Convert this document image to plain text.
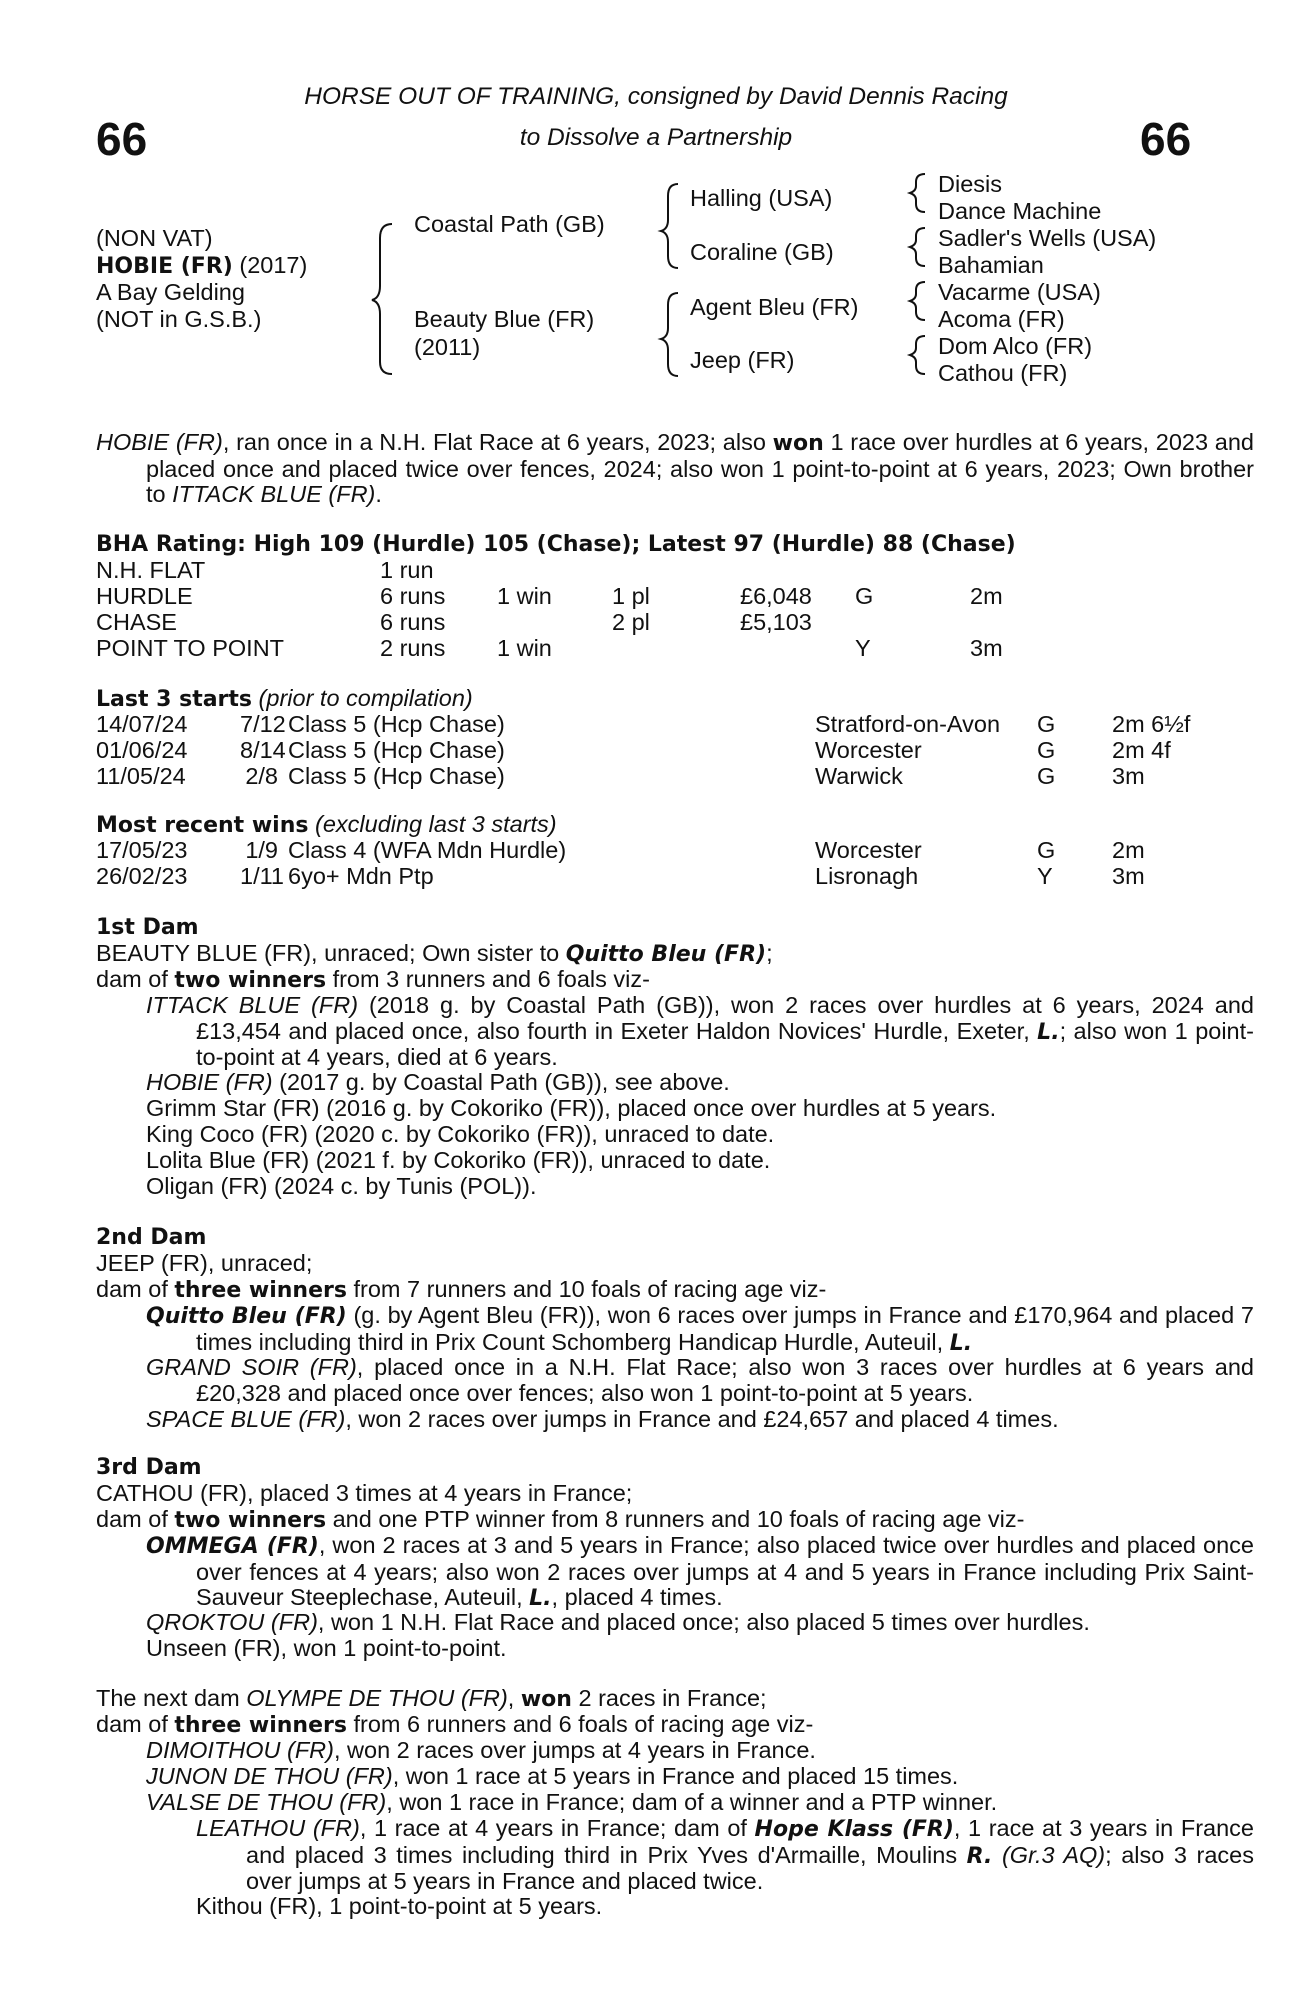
66	66
HORSE OUT OF TRAINING, consigned by David Dennis Racing
to Dissolve a Partnership
(NON VAT)
HOBIE (FR) (2017)
A Bay Gelding
(NOT in G.S.B.)
Coastal Path (GB)
Beauty Blue (FR)
(2011)
Halling (USA)
Coraline (GB)
Agent Bleu (FR)
Jeep (FR)
Diesis
Dance Machine
Sadler's Wells (USA)
Bahamian
Vacarme (USA)
Acoma (FR)
Dom Alco (FR)
Cathou (FR)
HOBIE (FR), ran once in a N.H. Flat Race at 6 years, 2023; also won 1 race over hurdles at 6 years, 2023 and placed once and placed twice over fences, 2024; also won 1 point-to-point at 6 years, 2023; Own brother to ITTACK BLUE (FR).
BHA Rating: High 109 (Hurdle) 105 (Chase); Latest 97 (Hurdle) 88 (Chase)
N.H. FLAT	1 run
HURDLE	6 runs 1 win	1 pl	£6,048 G	2m
CHASE	6 runs	2 pl	£5,103
POINT TO POINT	2 runs 1 win	Y	3m
Last 3 starts (prior to compilation)
14/07/24 7/12 Class 5 (Hcp Chase)	Stratford-on-Avon G 2m 6½f
01/06/24 8/14 Class 5 (Hcp Chase)	Worcester	G 2m 4f
11/05/24	2/8 Class 5 (Hcp Chase)	Warwick	G 3m
Most recent wins (excluding last 3 starts)
17/05/23 1/9 Class 4 (WFA Mdn Hurdle)	Worcester	G 2m
26/02/23 1/11 6yo+ Mdn Ptp	Lisronagh	Y	3m
1st Dam
BEAUTY BLUE (FR), unraced; Own sister to Quitto Bleu (FR);
dam of two winners from 3 runners and 6 foals viz-
ITTACK BLUE (FR) (2018 g. by Coastal Path (GB)), won 2 races over hurdles at 6 years, 2024 and £13,454 and placed once, also fourth in Exeter Haldon Novices' Hurdle, Exeter, L.; also won 1 point-to-point at 4 years, died at 6 years.
HOBIE (FR) (2017 g. by Coastal Path (GB)), see above.
Grimm Star (FR) (2016 g. by Cokoriko (FR)), placed once over hurdles at 5 years.
King Coco (FR) (2020 c. by Cokoriko (FR)), unraced to date.
Lolita Blue (FR) (2021 f. by Cokoriko (FR)), unraced to date.
Oligan (FR) (2024 c. by Tunis (POL)).
2nd Dam
JEEP (FR), unraced;
dam of three winners from 7 runners and 10 foals of racing age viz-
Quitto Bleu (FR) (g. by Agent Bleu (FR)), won 6 races over jumps in France and £170,964 and placed 7 times including third in Prix Count Schomberg Handicap Hurdle, Auteuil, L.
GRAND SOIR (FR), placed once in a N.H. Flat Race; also won 3 races over hurdles at 6 years and £20,328 and placed once over fences; also won 1 point-to-point at 5 years.
SPACE BLUE (FR), won 2 races over jumps in France and £24,657 and placed 4 times.
3rd Dam
CATHOU (FR), placed 3 times at 4 years in France;
dam of two winners and one PTP winner from 8 runners and 10 foals of racing age viz-
OMMEGA (FR), won 2 races at 3 and 5 years in France; also placed twice over hurdles and placed once over fences at 4 years; also won 2 races over jumps at 4 and 5 years in France including Prix Saint-Sauveur Steeplechase, Auteuil, L., placed 4 times.
QROKTOU (FR), won 1 N.H. Flat Race and placed once; also placed 5 times over hurdles.
Unseen (FR), won 1 point-to-point.
The next dam OLYMPE DE THOU (FR), won 2 races in France;
dam of three winners from 6 runners and 6 foals of racing age viz-
DIMOITHOU (FR), won 2 races over jumps at 4 years in France.
JUNON DE THOU (FR), won 1 race at 5 years in France and placed 15 times.
VALSE DE THOU (FR), won 1 race in France; dam of a winner and a PTP winner.
LEATHOU (FR), 1 race at 4 years in France; dam of Hope Klass (FR), 1 race at 3 years in France and placed 3 times including third in Prix Yves d'Armaille, Moulins R. (Gr.3 AQ); also 3 races over jumps at 5 years in France and placed twice.
Kithou (FR), 1 point-to-point at 5 years.
